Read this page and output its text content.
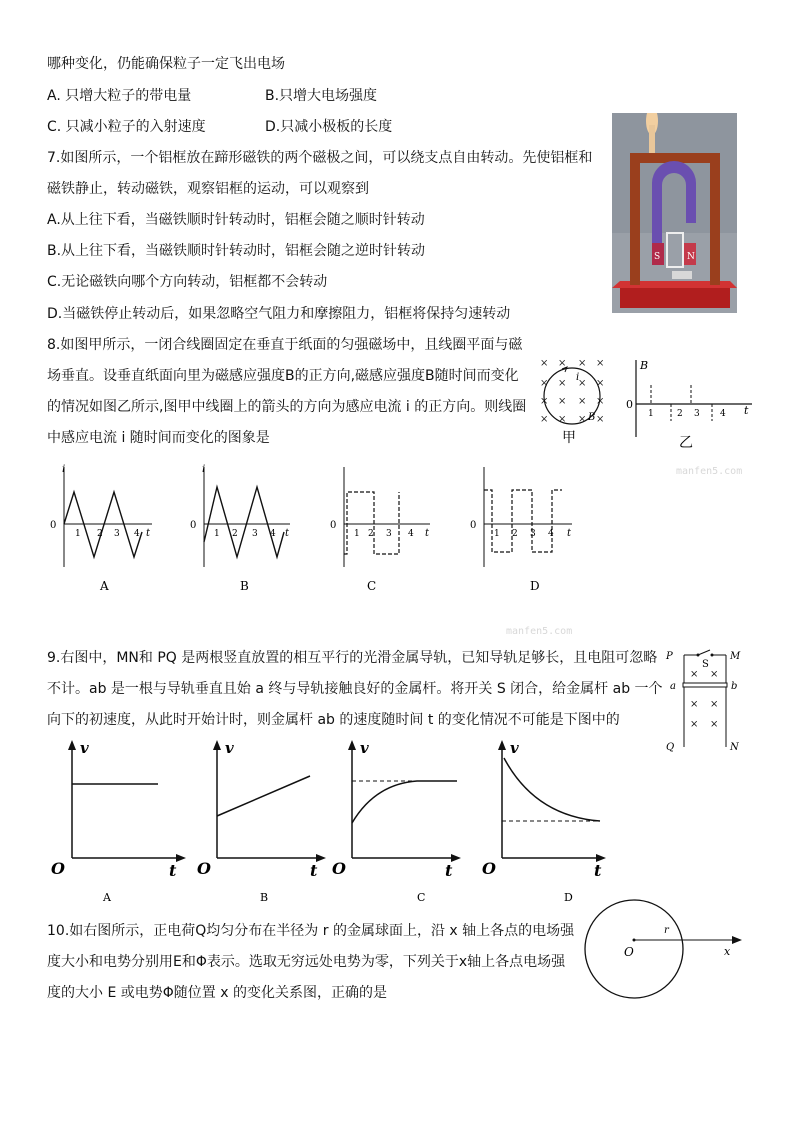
哪种变化，仍能确保粒子一定飞出电场
A. 只增大粒子的带电量	B.只增大电场强度
C. 只减小粒子的入射速度	D.只减小极板的长度
7.如图所示，一个铝框放在蹄形磁铁的两个磁极之间，可以绕支点自由转动。先使铝框和
磁铁静止，转动磁铁，观察铝框的运动，可以观察到
A.从上往下看，当磁铁顺时针转动时，铝框会随之顺时针转动
B.从上往下看，当磁铁顺时针转动时，铝框会随之逆时针转动
C.无论磁铁向哪个方向转动，铝框都不会转动
D.当磁铁停止转动后，如果忽略空气阻力和摩擦阻力，铝框将保持匀速转动
S	N
8.如图甲所示，一闭合线圈固定在垂直于纸面的匀强磁场中，且线圈平面与磁
场垂直。设垂直纸面向里为磁感应强度B的正方向,磁感应强度B随时间而变化
的情况如图乙所示,图甲中线圈上的箭头的方向为感应电流 i 的正方向。则线圈
中感应电流 i 随时间而变化的图象是
× × × ×
× × × ×
× × × ×
× × × ×
i
B
甲
B
0	t
1	2 3 4
乙
manfen5.com
i
0
t
1 2 3 4
A
i
0
t
1 2 3 4
B
0
t
1 2 3 4
C
0
t
1 2 3 4
D
manfen5.com
9.右图中，MN和 PQ 是两根竖直放置的相互平行的光滑金属导轨，已知导轨足够长，且电阻可忽略
不计。ab 是一根与导轨垂直且始 a 终与导轨接触良好的金属杆。将开关 S 闭合，给金属杆 ab 一个
向下的初速度，从此时开始计时，则金属杆 ab 的速度随时间 t 的变化情况不可能是下图中的
S
P	M
Q	N
a	b
× ×
× ×
× ×
v
O	t
A
v
O	t
B
v
O	t
C
v
O	t
D
10.如右图所示，正电荷Q均匀分布在半径为 r 的金属球面上，沿 x 轴上各点的电场强
度大小和电势分别用E和Φ表示。选取无穷远处电势为零，下列关于x轴上各点电场强
度的大小 E 或电势Φ随位置 x 的变化关系图，正确的是
O
r
x
